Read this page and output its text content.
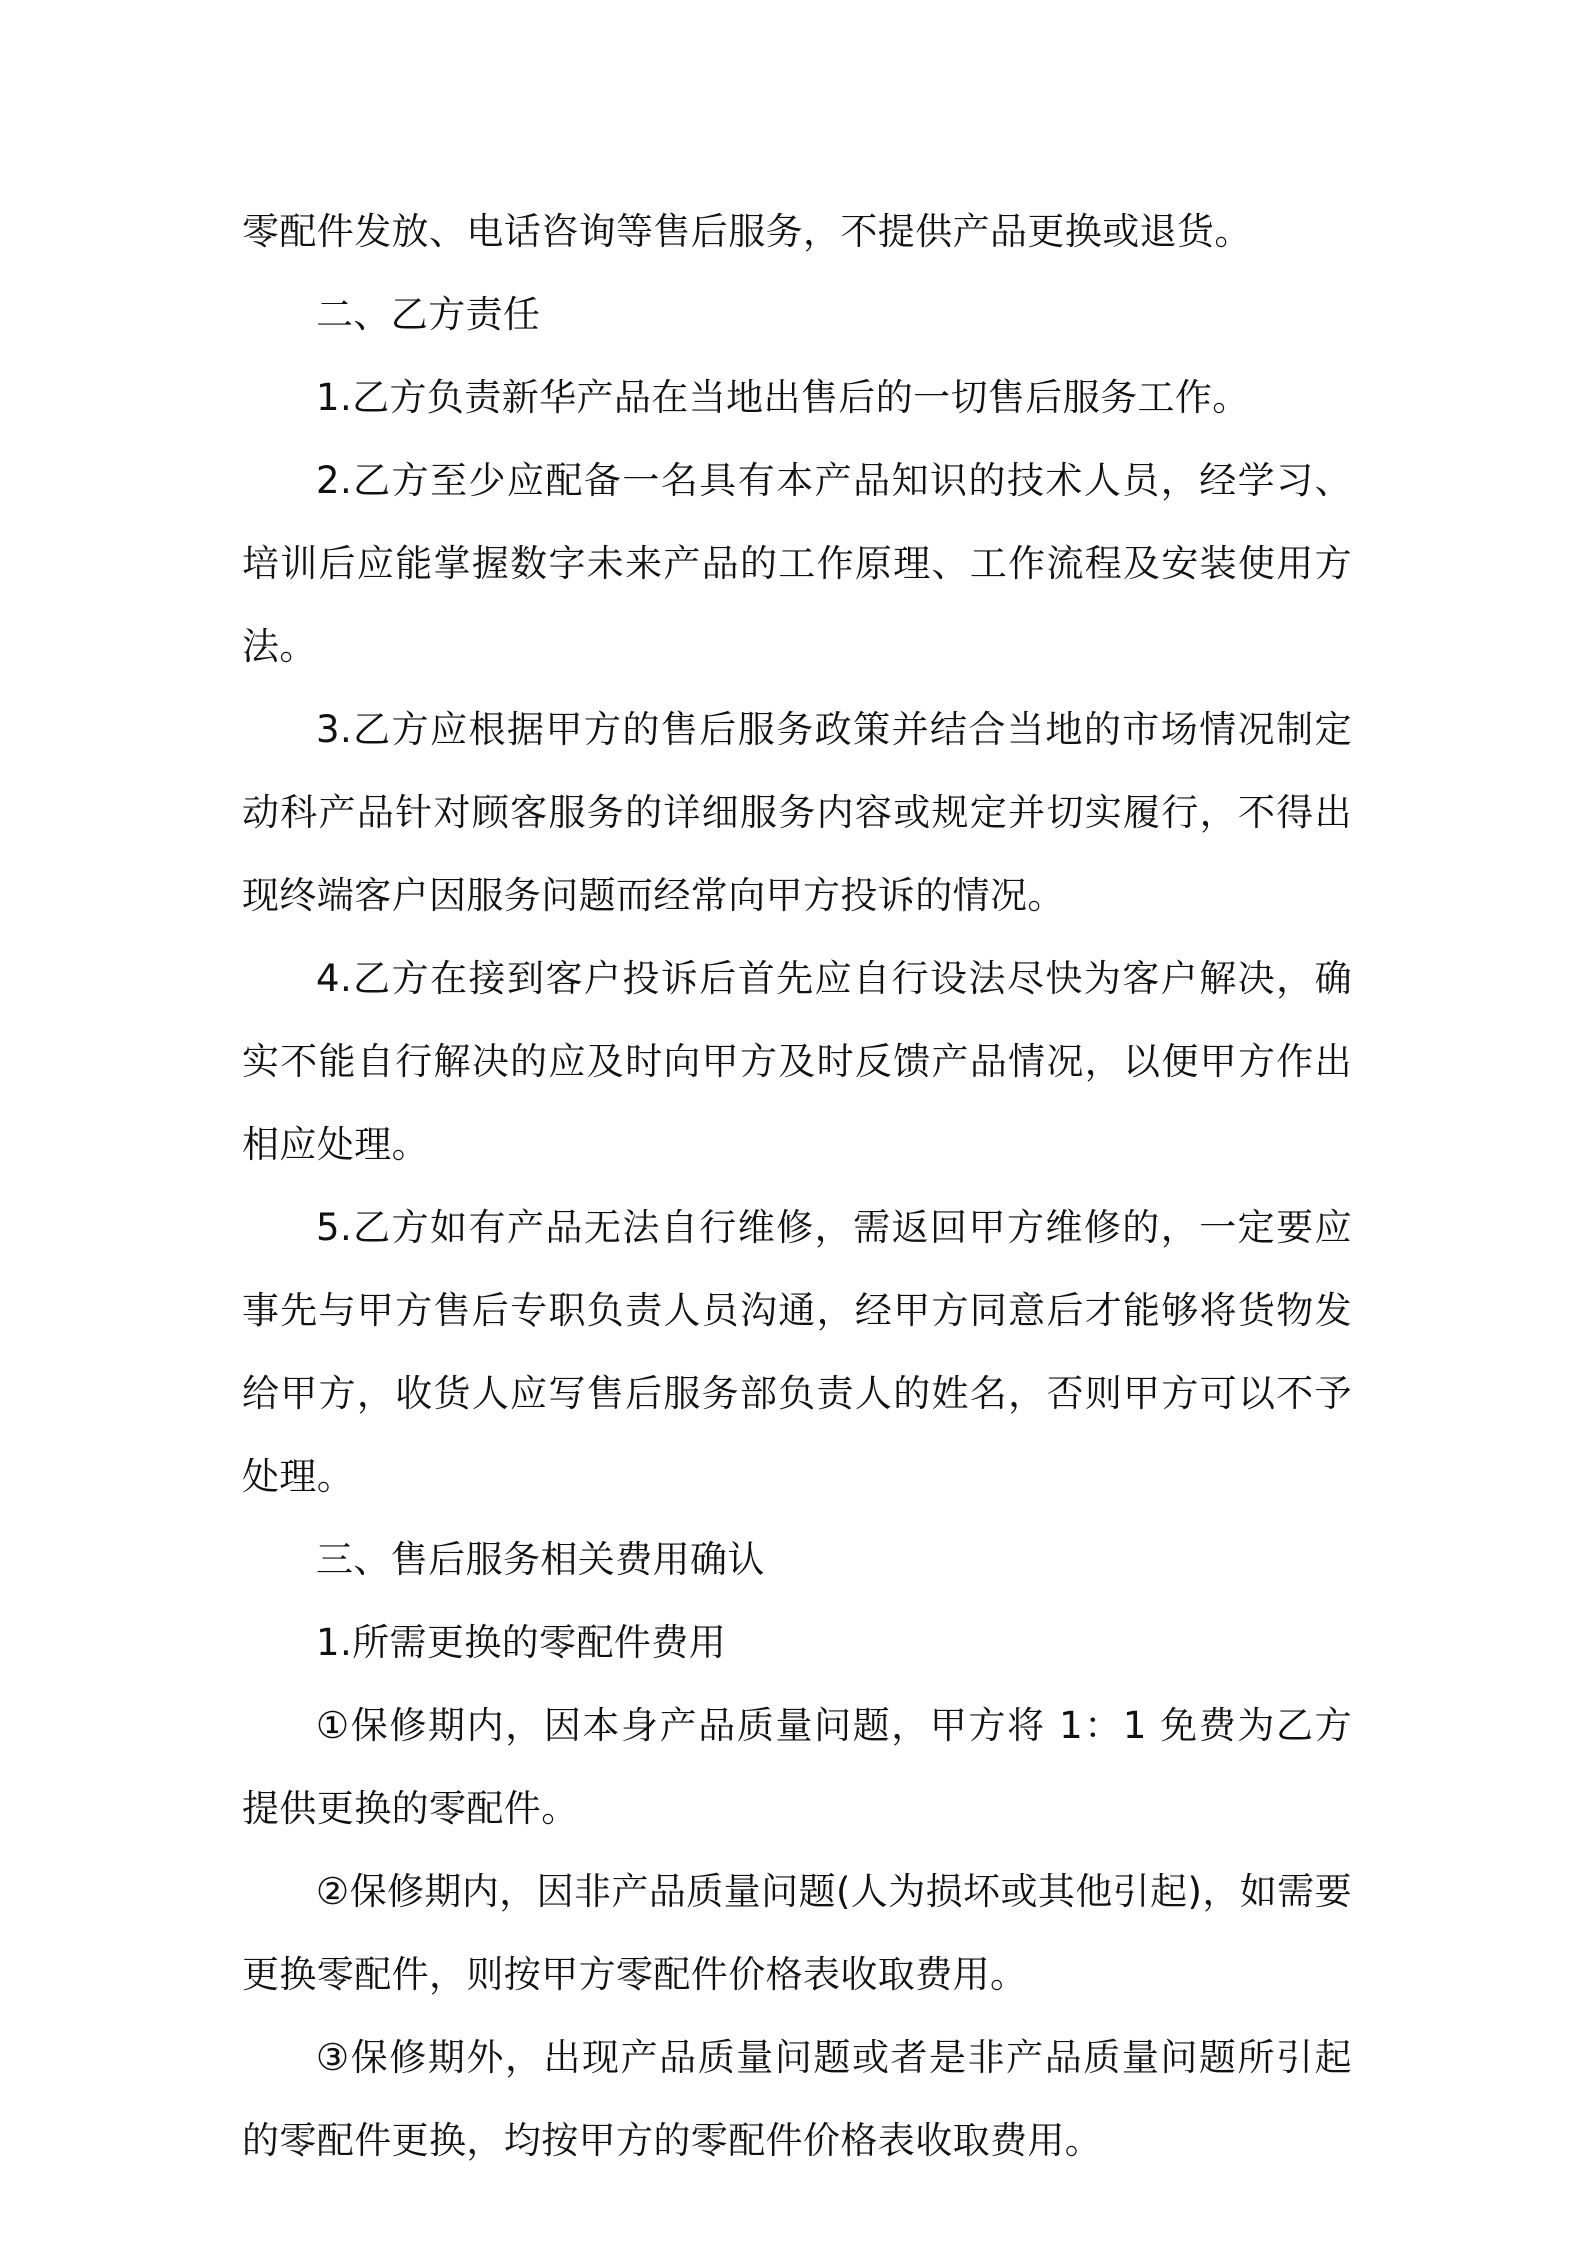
零配件发放、电话咨询等售后服务，不提供产品更换或退货。

二、乙方责任

1.乙方负责新华产品在当地出售后的一切售后服务工作。

2.乙方至少应配备一名具有本产品知识的技术人员，经学习、培训后应能掌握数字未来产品的工作原理、工作流程及安装使用方法。

3.乙方应根据甲方的售后服务政策并结合当地的市场情况制定动科产品针对顾客服务的详细服务内容或规定并切实履行，不得出现终端客户因服务问题而经常向甲方投诉的情况。

4.乙方在接到客户投诉后首先应自行设法尽快为客户解决，确实不能自行解决的应及时向甲方及时反馈产品情况，以便甲方作出相应处理。

5.乙方如有产品无法自行维修，需返回甲方维修的，一定要应事先与甲方售后专职负责人员沟通，经甲方同意后才能够将货物发给甲方，收货人应写售后服务部负责人的姓名，否则甲方可以不予处理。

三、售后服务相关费用确认

1.所需更换的零配件费用

①保修期内，因本身产品质量问题，甲方将 1：1 免费为乙方提供更换的零配件。

②保修期内，因非产品质量问题(人为损坏或其他引起)，如需要更换零配件，则按甲方零配件价格表收取费用。

③保修期外，出现产品质量问题或者是非产品质量问题所引起的零配件更换，均按甲方的零配件价格表收取费用。
